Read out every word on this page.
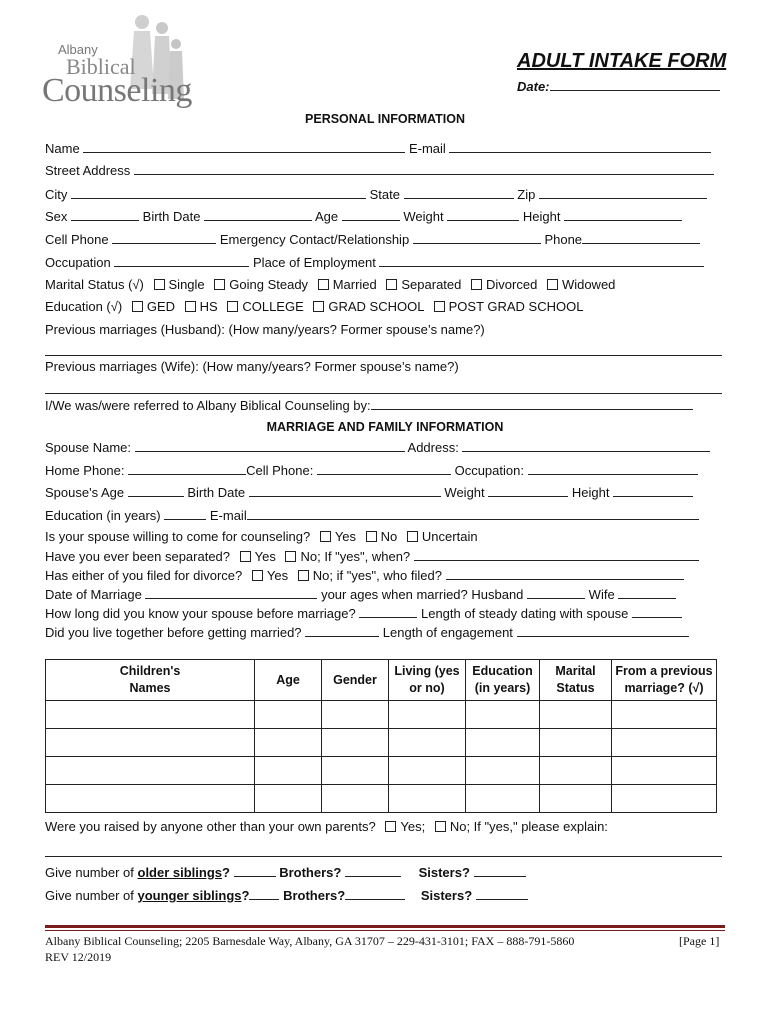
Albany
Biblical
Counseling
ADULT INTAKE FORM
Date:
PERSONAL INFORMATION
Name	E-mail
Street Address
City	State	Zip
Sex	Birth Date	Age	Weight	Height
Cell Phone	Emergency Contact/Relationship	Phone
Occupation	Place of Employment
Marital Status (√) Single Going Steady Married Separated Divorced Widowed
Education (√) GED HS COLLEGE GRAD SCHOOL POST GRAD SCHOOL
Previous marriages (Husband): (How many/years? Former spouse’s name?)
Previous marriages (Wife): (How many/years? Former spouse’s name?)
I/We was/were referred to Albany Biblical Counseling by:
MARRIAGE AND FAMILY INFORMATION
Spouse Name:	Address:
Home Phone:	Cell Phone:	Occupation:
Spouse's Age	Birth Date	Weight	Height
Education (in years)	E-mail
Is your spouse willing to come for counseling? Yes No Uncertain
Have you ever been separated? Yes No; If "yes", when?
Has either of you filed for divorce? Yes No; if "yes", who filed?
Date of Marriage	your ages when married? Husband	Wife
How long did you know your spouse before marriage?	Length of steady dating with spouse
Did you live together before getting married?	Length of engagement
Children's Names	Age	Gender	Living (yes or no)	Education (in years)	Marital Status	From a previous marriage? (√)

Were you raised by anyone other than your own parents? Yes; No; If "yes," please explain:
Give number of older siblings?	Brothers?	Sisters?
Give number of younger siblings?	Brothers?	Sisters?
Albany Biblical Counseling; 2205 Barnesdale Way, Albany, GA 31707 – 229-431-3101; FAX – 888-791-5860
REV 12/2019
[Page 1]
